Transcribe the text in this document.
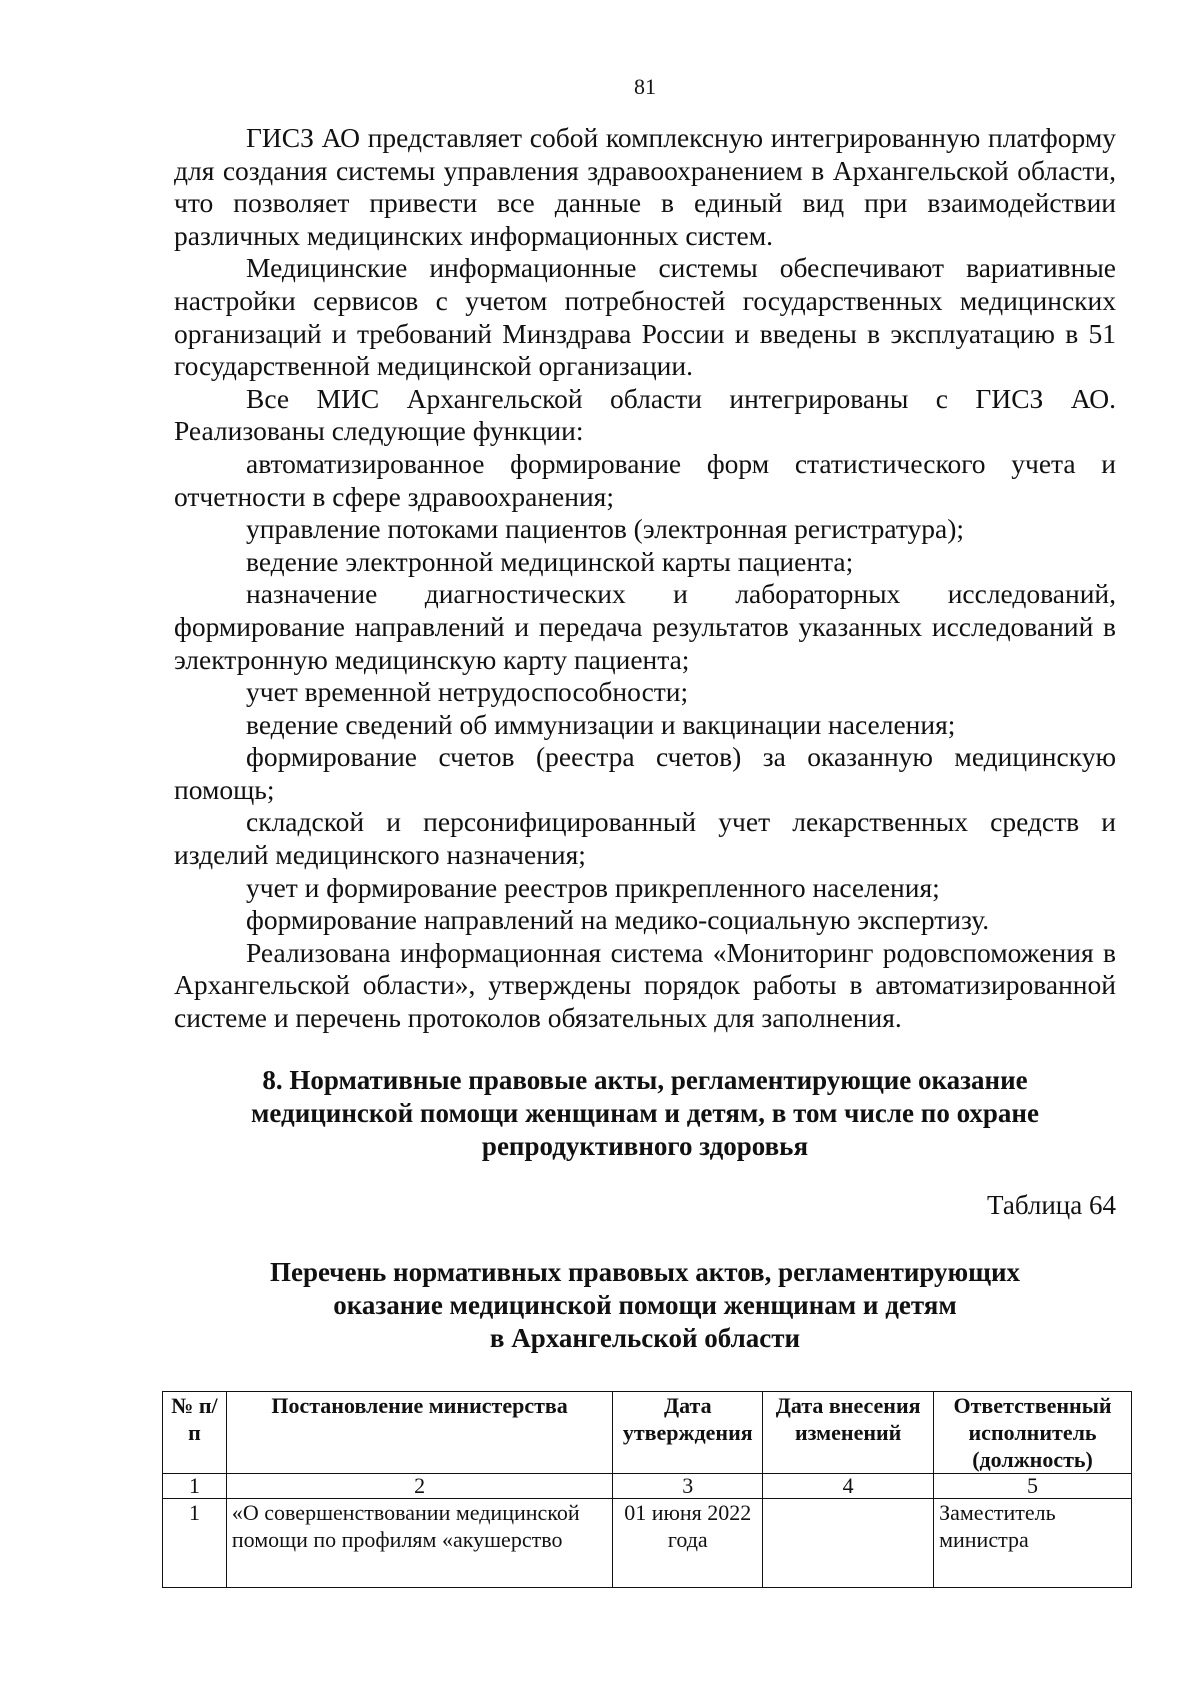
81

ГИСЗ АО представляет собой комплексную интегрированную платформу для создания системы управления здравоохранением в Архангельской области, что позволяет привести все данные в единый вид при взаимодействии различных медицинских информационных систем.

Медицинские информационные системы обеспечивают вариативные настройки сервисов с учетом потребностей государственных медицинских организаций и требований Минздрава России и введены в эксплуатацию в 51 государственной медицинской организации.

Все МИС Архангельской области интегрированы с ГИСЗ АО. Реализованы следующие функции:

автоматизированное формирование форм статистического учета и отчетности в сфере здравоохранения;

управление потоками пациентов (электронная регистратура);

ведение электронной медицинской карты пациента;

назначение диагностических и лабораторных исследований, формирование направлений и передача результатов указанных исследований в электронную медицинскую карту пациента;

учет временной нетрудоспособности;

ведение сведений об иммунизации и вакцинации населения;

формирование счетов (реестра счетов) за оказанную медицинскую помощь;

складской и персонифицированный учет лекарственных средств и изделий медицинского назначения;

учет и формирование реестров прикрепленного населения;

формирование направлений на медико-социальную экспертизу.

Реализована информационная система «Мониторинг родовспоможения в Архангельской области», утверждены порядок работы в автоматизированной системе и перечень протоколов обязательных для заполнения.

8. Нормативные правовые акты, регламентирующие оказание
медицинской помощи женщинам и детям, в том числе по охране
репродуктивного здоровья
Таблица 64
Перечень нормативных правовых актов, регламентирующих
оказание медицинской помощи женщинам и детям
в Архангельской области
№ п/п	Постановление министерства	Дата утверждения	Дата внесения изменений	Ответственный исполнитель (должность)
1	2	3	4	5
1	«О совершенствовании медицинской помощи по профилям «акушерство	01 июня 2022 года		Заместитель министра
